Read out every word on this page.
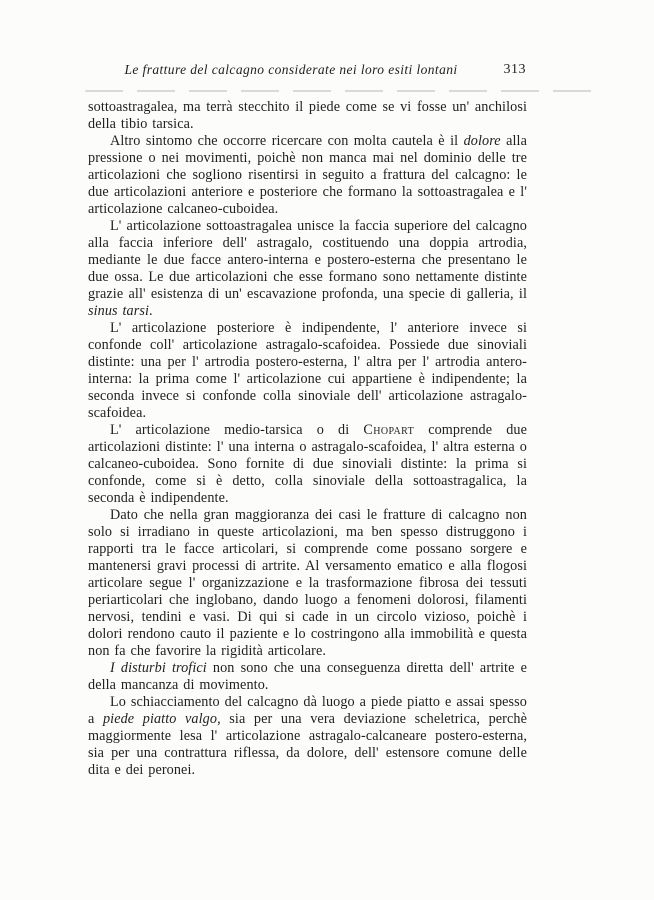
Le fratture del calcagno considerate nei loro esiti lontani	313

sottoastragalea, ma terrà stecchito il piede come se vi fosse un' anchilosi della tibio tarsica.

Altro sintomo che occorre ricercare con molta cautela è il dolore alla pressione o nei movimenti, poichè non manca mai nel dominio delle tre articolazioni che sogliono risentirsi in seguito a frattura del calcagno: le due articolazioni anteriore e posteriore che formano la sottoastragalea e l' articolazione calcaneo-cuboidea.

L' articolazione sottoastragalea unisce la faccia superiore del calcagno alla faccia inferiore dell' astragalo, costituendo una doppia artrodia, mediante le due facce antero-interna e postero-esterna che presentano le due ossa. Le due articolazioni che esse formano sono nettamente distinte grazie all' esistenza di un' escavazione profonda, una specie di galleria, il sinus tarsi.

L' articolazione posteriore è indipendente, l' anteriore invece si confonde coll' articolazione astragalo-scafoidea. Possiede due sinoviali distinte: una per l' artrodia postero-esterna, l' altra per l' artrodia antero-interna: la prima come l' articolazione cui appartiene è indipendente; la seconda invece si confonde colla sinoviale dell' articolazione astragalo-scafoidea.

L' articolazione medio-tarsica o di Chopart comprende due articolazioni distinte: l' una interna o astragalo-scafoidea, l' altra esterna o calcaneo-cuboidea. Sono fornite di due sinoviali distinte: la prima si confonde, come si è detto, colla sinoviale della sottoastragalica, la seconda è indipendente.

Dato che nella gran maggioranza dei casi le fratture di calcagno non solo si irradiano in queste articolazioni, ma ben spesso distruggono i rapporti tra le facce articolari, si comprende come possano sorgere e mantenersi gravi processi di artrite. Al versamento ematico e alla flogosi articolare segue l' organizzazione e la trasformazione fibrosa dei tessuti periarticolari che inglobano, dando luogo a fenomeni dolorosi, filamenti nervosi, tendini e vasi. Di qui si cade in un circolo vizioso, poichè i dolori rendono cauto il paziente e lo costringono alla immobilità e questa non fa che favorire la rigidità articolare.

I disturbi trofici non sono che una conseguenza diretta dell' artrite e della mancanza di movimento.

Lo schiacciamento del calcagno dà luogo a piede piatto e assai spesso a piede piatto valgo, sia per una vera deviazione scheletrica, perchè maggiormente lesa l' articolazione astragalo-calcaneare postero-esterna, sia per una contrattura riflessa, da dolore, dell' estensore comune delle dita e dei peronei.
